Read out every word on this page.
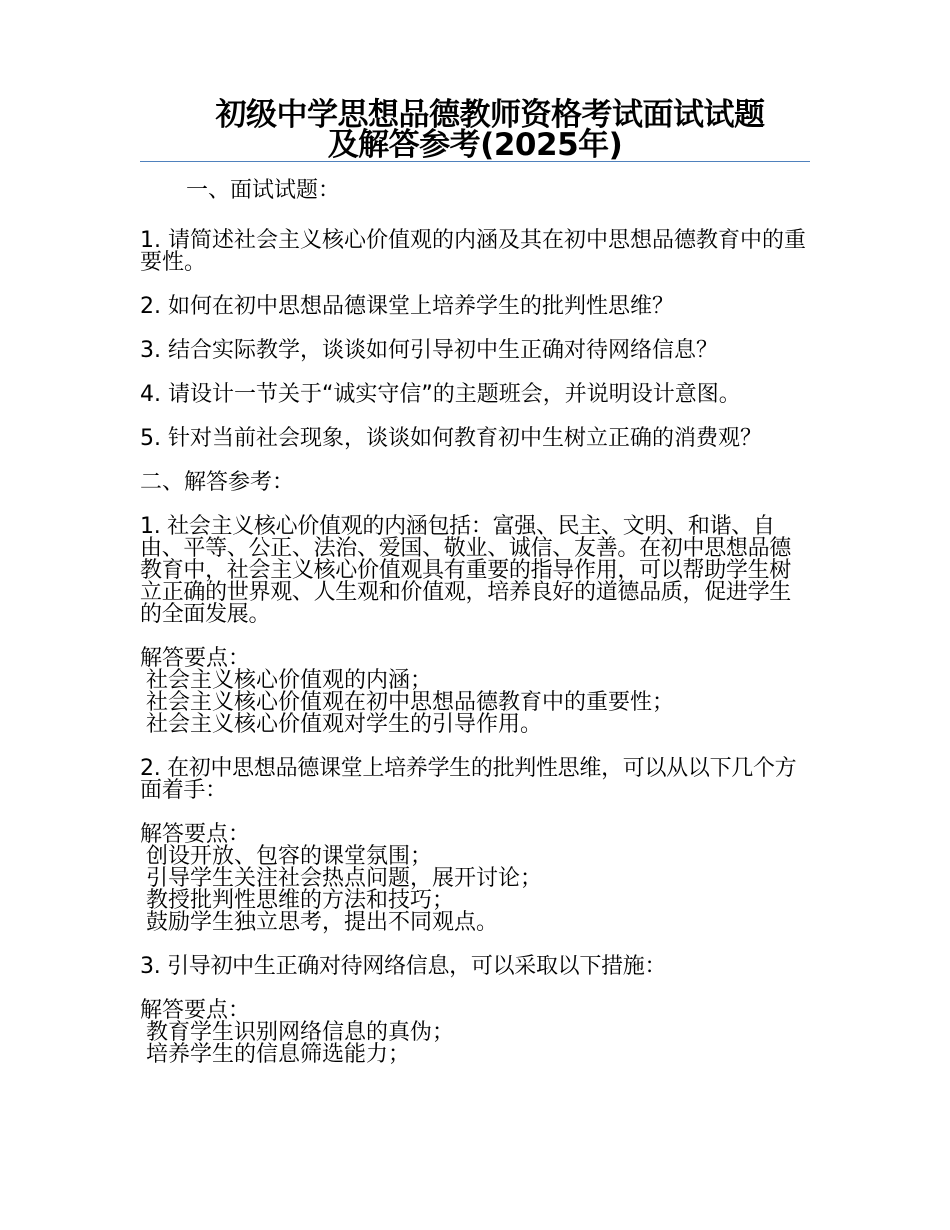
初级中学思想品德教师资格考试面试试题
及解答参考(2025年)

一、面试试题：

1. 请简述社会主义核心价值观的内涵及其在初中思想品德教育中的重要性。

2. 如何在初中思想品德课堂上培养学生的批判性思维？

3. 结合实际教学，谈谈如何引导初中生正确对待网络信息？

4. 请设计一节关于“诚实守信”的主题班会，并说明设计意图。

5. 针对当前社会现象，谈谈如何教育初中生树立正确的消费观？

二、解答参考：

1. 社会主义核心价值观的内涵包括：富强、民主、文明、和谐、自由、平等、公正、法治、爱国、敬业、诚信、友善。在初中思想品德教育中，社会主义核心价值观具有重要的指导作用，可以帮助学生树立正确的世界观、人生观和价值观，培养良好的道德品质，促进学生的全面发展。

解答要点：

社会主义核心价值观的内涵；
社会主义核心价值观在初中思想品德教育中的重要性；
社会主义核心价值观对学生的引导作用。

2. 在初中思想品德课堂上培养学生的批判性思维，可以从以下几个方面着手：

解答要点：

创设开放、包容的课堂氛围；
引导学生关注社会热点问题，展开讨论；
教授批判性思维的方法和技巧；
鼓励学生独立思考，提出不同观点。

3. 引导初中生正确对待网络信息，可以采取以下措施：

解答要点：

教育学生识别网络信息的真伪；
培养学生的信息筛选能力；
